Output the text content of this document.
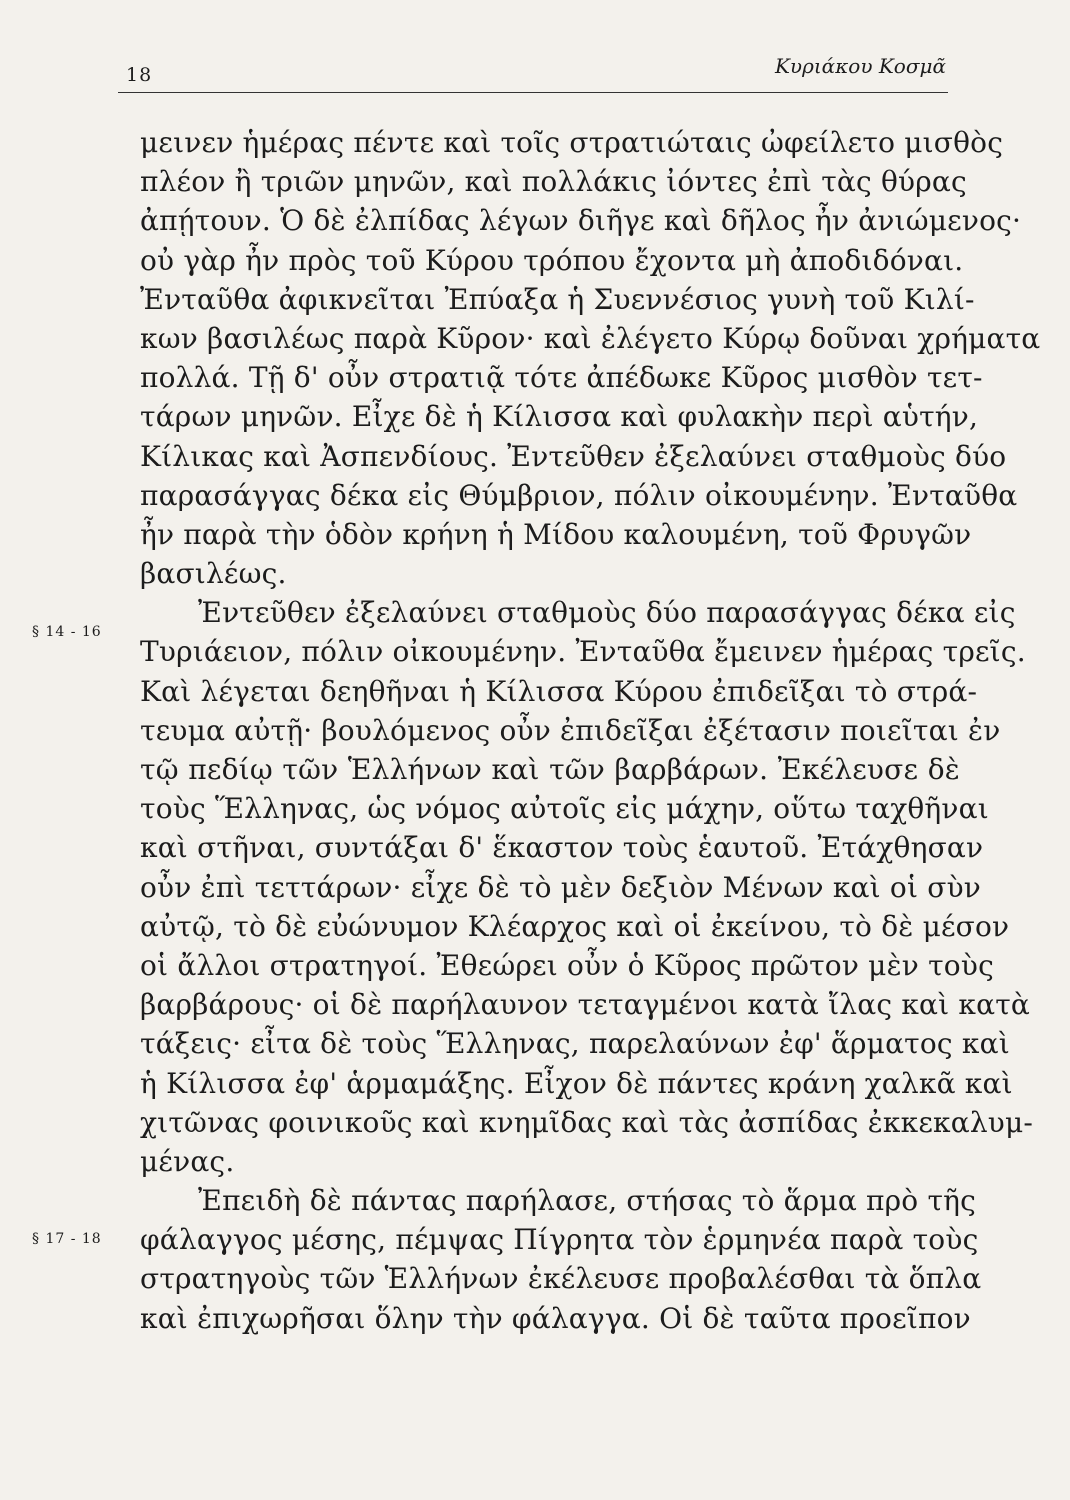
18	Κυριάκου Κοσμᾶ
§ 14 - 16
§ 17 - 18
μεινεν ἡμέρας πέντε καὶ τοῖς στρατιώταις ὠφείλετο μισθὸς
πλέον ἢ τριῶν μηνῶν, καὶ πολλάκις ἰόντες ἐπὶ τὰς θύρας
ἀπῄτουν. Ὁ δὲ ἐλπίδας λέγων διῆγε καὶ δῆλος ἦν ἀνιώμενος·
οὐ γὰρ ἦν πρὸς τοῦ Κύρου τρόπου ἔχοντα μὴ ἀποδιδόναι.
Ἐνταῦθα ἀφικνεῖται Ἐπύαξα ἡ Συεννέσιος γυνὴ τοῦ Κιλί-
κων βασιλέως παρὰ Κῦρον· καὶ ἐλέγετο Κύρῳ δοῦναι χρήματα
πολλά. Τῇ δ' οὖν στρατιᾷ τότε ἀπέδωκε Κῦρος μισθὸν τετ-
τάρων μηνῶν. Εἶχε δὲ ἡ Κίλισσα καὶ φυλακὴν περὶ αὑτήν,
Κίλικας καὶ Ἀσπενδίους. Ἐντεῦθεν ἐξελαύνει σταθμοὺς δύο
παρασάγγας δέκα εἰς Θύμβριον, πόλιν οἰκουμένην. Ἐνταῦθα
ἦν παρὰ τὴν ὁδὸν κρήνη ἡ Μίδου καλουμένη, τοῦ Φρυγῶν
βασιλέως.
Ἐντεῦθεν ἐξελαύνει σταθμοὺς δύο παρασάγγας δέκα εἰς
Τυριάειον, πόλιν οἰκουμένην. Ἐνταῦθα ἔμεινεν ἡμέρας τρεῖς.
Καὶ λέγεται δεηθῆναι ἡ Κίλισσα Κύρου ἐπιδεῖξαι τὸ στρά-
τευμα αὐτῇ· βουλόμενος οὖν ἐπιδεῖξαι ἐξέτασιν ποιεῖται ἐν
τῷ πεδίῳ τῶν Ἑλλήνων καὶ τῶν βαρβάρων. Ἐκέλευσε δὲ
τοὺς Ἕλληνας, ὡς νόμος αὐτοῖς εἰς μάχην, οὕτω ταχθῆναι
καὶ στῆναι, συντάξαι δ' ἕκαστον τοὺς ἑαυτοῦ. Ἐτάχθησαν
οὖν ἐπὶ τεττάρων· εἶχε δὲ τὸ μὲν δεξιὸν Μένων καὶ οἱ σὺν
αὐτῷ, τὸ δὲ εὐώνυμον Κλέαρχος καὶ οἱ ἐκείνου, τὸ δὲ μέσον
οἱ ἄλλοι στρατηγοί. Ἐθεώρει οὖν ὁ Κῦρος πρῶτον μὲν τοὺς
βαρβάρους· οἱ δὲ παρήλαυνον τεταγμένοι κατὰ ἴλας καὶ κατὰ
τάξεις· εἶτα δὲ τοὺς Ἕλληνας, παρελαύνων ἐφ' ἅρματος καὶ
ἡ Κίλισσα ἐφ' ἁρμαμάξης. Εἶχον δὲ πάντες κράνη χαλκᾶ καὶ
χιτῶνας φοινικοῦς καὶ κνημῖδας καὶ τὰς ἀσπίδας ἐκκεκαλυμ-
μένας.
Ἐπειδὴ δὲ πάντας παρήλασε, στήσας τὸ ἅρμα πρὸ τῆς
φάλαγγος μέσης, πέμψας Πίγρητα τὸν ἑρμηνέα παρὰ τοὺς
στρατηγοὺς τῶν Ἑλλήνων ἐκέλευσε προβαλέσθαι τὰ ὅπλα
καὶ ἐπιχωρῆσαι ὅλην τὴν φάλαγγα. Οἱ δὲ ταῦτα προεῖπον
